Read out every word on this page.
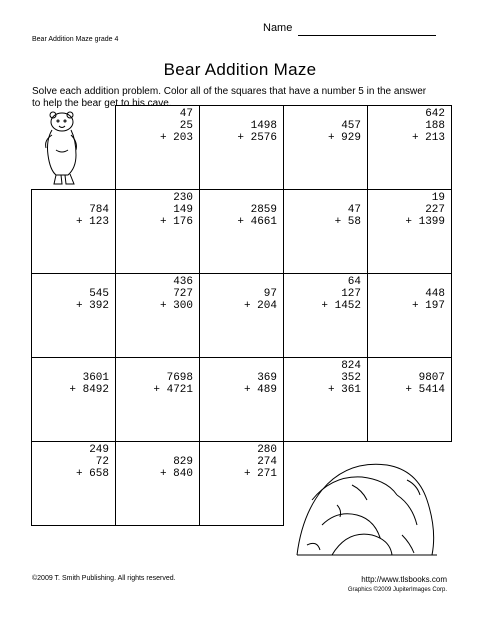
Bear Addition Maze grade 4
Name
Bear Addition Maze
Solve each addition problem. Color all of the squares that have a number 5 in the answer
to help the bear get to his cave.
47
25
+ 203
1498
+ 2576
457
+ 929
642
188
+ 213
784
+ 123
230
149
+ 176
2859
+ 4661
47
+ 58
19
227
+ 1399
545
+ 392
436
727
+ 300
97
+ 204
64
127
+ 1452
448
+ 197
3601
+ 8492
7698
+ 4721
369
+ 489
824
352
+ 361
9807
+ 5414
249
72
+ 658
829
+ 840
280
274
+ 271
©2009 T. Smith Publishing. All rights reserved.	http://www.tlsbooks.com
Graphics ©2009 JupiterImages Corp.
